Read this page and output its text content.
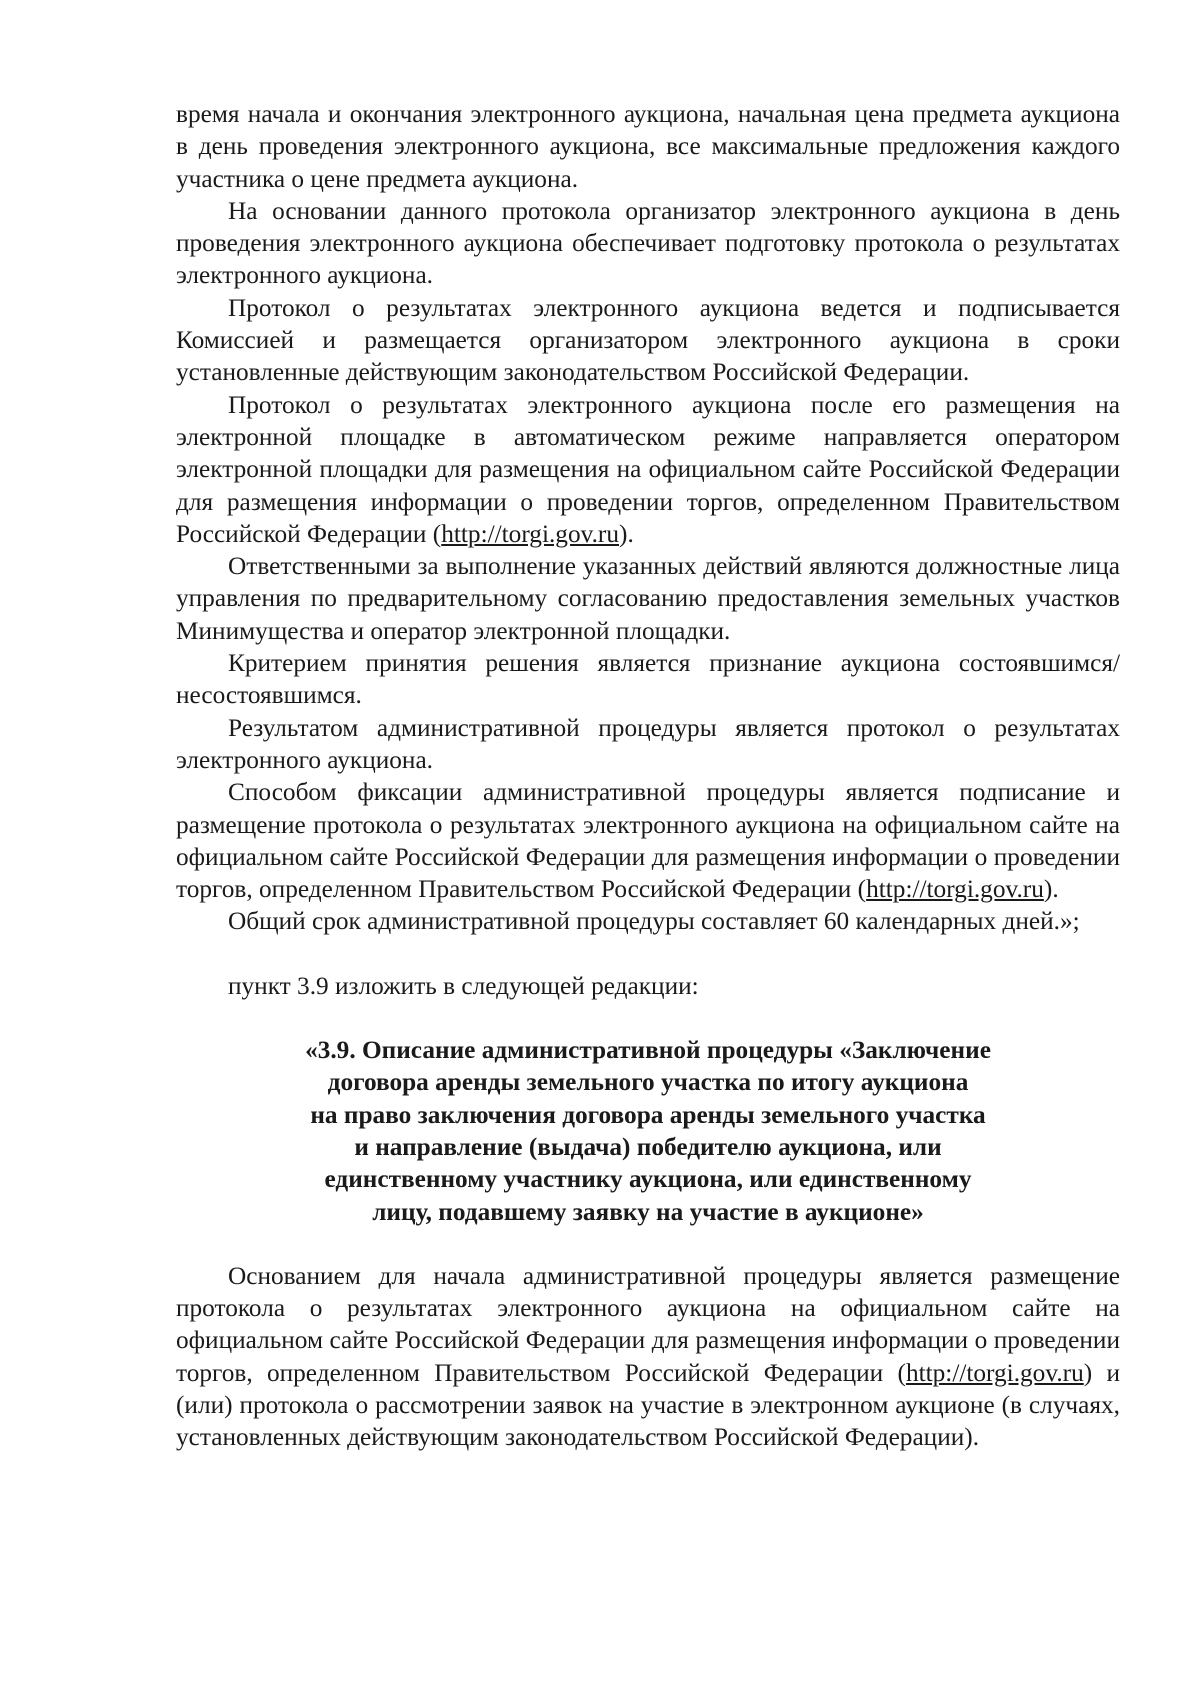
время начала и окончания электронного аукциона, начальная цена предмета аукциона в день проведения электронного аукциона, все максимальные предложения каждого участника о цене предмета аукциона.

На основании данного протокола организатор электронного аукциона в день проведения электронного аукциона обеспечивает подготовку протокола о результатах электронного аукциона.

Протокол о результатах электронного аукциона ведется и подписывается Комиссией и размещается организатором электронного аукциона в сроки установленные действующим законодательством Российской Федерации.

Протокол о результатах электронного аукциона после его размещения на электронной площадке в автоматическом режиме направляется оператором электронной площадки для размещения на официальном сайте Российской Федерации для размещения информации о проведении торгов, определенном Правительством Российской Федерации (http://torgi.gov.ru).

Ответственными за выполнение указанных действий являются должностные лица управления по предварительному согласованию предоставления земельных участков Минимущества и оператор электронной площадки.

Критерием принятия решения является признание аукциона состоявшимся/несостоявшимся.

Результатом административной процедуры является протокол о результатах электронного аукциона.

Способом фиксации административной процедуры является подписание и размещение протокола о результатах электронного аукциона на официальном сайте на официальном сайте Российской Федерации для размещения информации о проведении торгов, определенном Правительством Российской Федерации (http://torgi.gov.ru).

Общий срок административной процедуры составляет 60 календарных дней.»;

пункт 3.9 изложить в следующей редакции:

«3.9. Описание административной процедуры «Заключение
договора аренды земельного участка по итогу аукциона
на право заключения договора аренды земельного участка
и направление (выдача) победителю аукциона, или
единственному участнику аукциона, или единственному
лицу, подавшему заявку на участие в аукционе»

Основанием для начала административной процедуры является размещение протокола о результатах электронного аукциона на официальном сайте на официальном сайте Российской Федерации для размещения информации о проведении торгов, определенном Правительством Российской Федерации (http://torgi.gov.ru) и (или) протокола о рассмотрении заявок на участие в электронном аукционе (в случаях, установленных действующим законодательством Российской Федерации).
